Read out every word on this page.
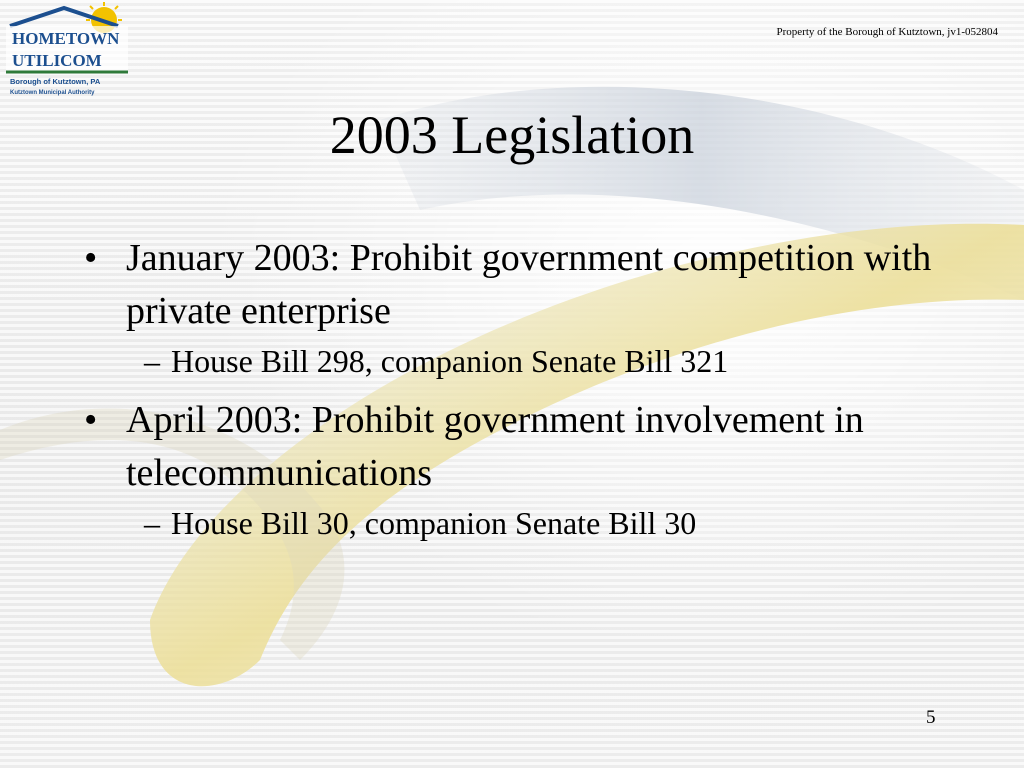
HOMETOWN
UTILICOM
Borough of Kutztown, PA
Kutztown Municipal Authority
Property of the Borough of Kutztown, jv1-052804
2003 Legislation
• January 2003: Prohibit government competition with private enterprise
– House Bill 298, companion Senate Bill 321
• April 2003: Prohibit government involvement in telecommunications
– House Bill 30, companion Senate Bill 30
5
